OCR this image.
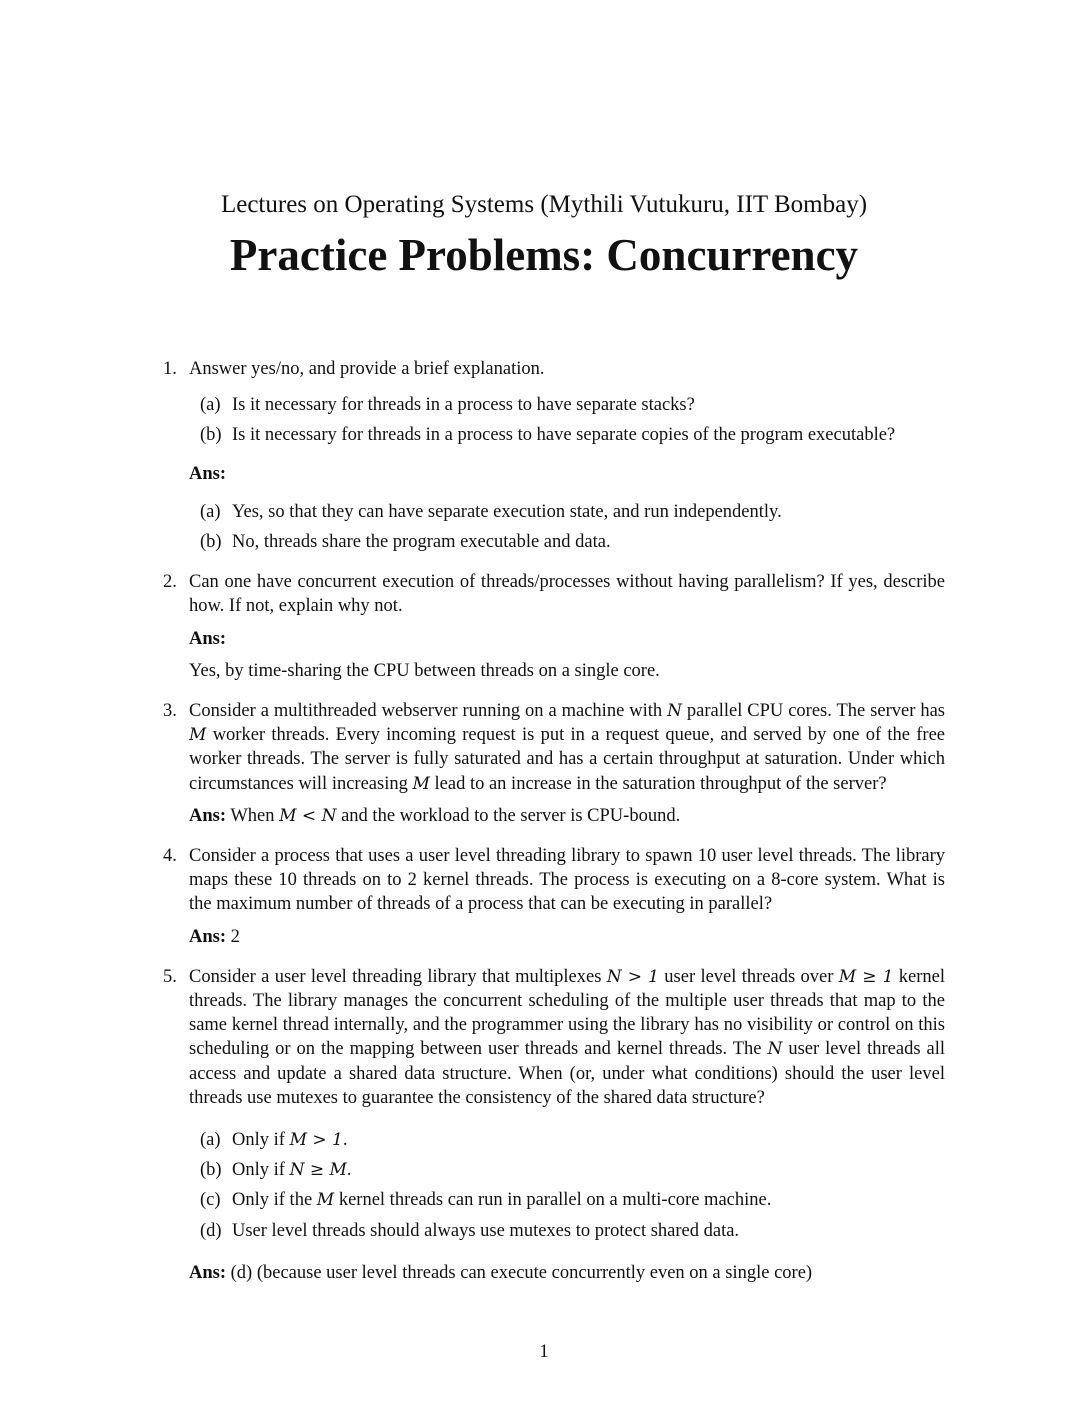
Lectures on Operating Systems (Mythili Vutukuru, IIT Bombay)
Practice Problems: Concurrency
1. Answer yes/no, and provide a brief explanation.
(a) Is it necessary for threads in a process to have separate stacks?
(b) Is it necessary for threads in a process to have separate copies of the program executable?
Ans:
(a) Yes, so that they can have separate execution state, and run independently.
(b) No, threads share the program executable and data.
2. Can one have concurrent execution of threads/processes without having parallelism? If yes, describe how. If not, explain why not.
Ans:
Yes, by time-sharing the CPU between threads on a single core.
3. Consider a multithreaded webserver running on a machine with N parallel CPU cores. The server has M worker threads. Every incoming request is put in a request queue, and served by one of the free worker threads. The server is fully saturated and has a certain throughput at saturation. Under which circumstances will increasing M lead to an increase in the saturation throughput of the server?
Ans: When M < N and the workload to the server is CPU-bound.
4. Consider a process that uses a user level threading library to spawn 10 user level threads. The library maps these 10 threads on to 2 kernel threads. The process is executing on a 8-core system. What is the maximum number of threads of a process that can be executing in parallel?
Ans: 2
5. Consider a user level threading library that multiplexes N > 1 user level threads over M ≥ 1 kernel threads. The library manages the concurrent scheduling of the multiple user threads that map to the same kernel thread internally, and the programmer using the library has no visibility or control on this scheduling or on the mapping between user threads and kernel threads. The N user level threads all access and update a shared data structure. When (or, under what conditions) should the user level threads use mutexes to guarantee the consistency of the shared data structure?
(a) Only if M > 1.
(b) Only if N ≥ M.
(c) Only if the M kernel threads can run in parallel on a multi-core machine.
(d) User level threads should always use mutexes to protect shared data.
Ans: (d) (because user level threads can execute concurrently even on a single core)
1
